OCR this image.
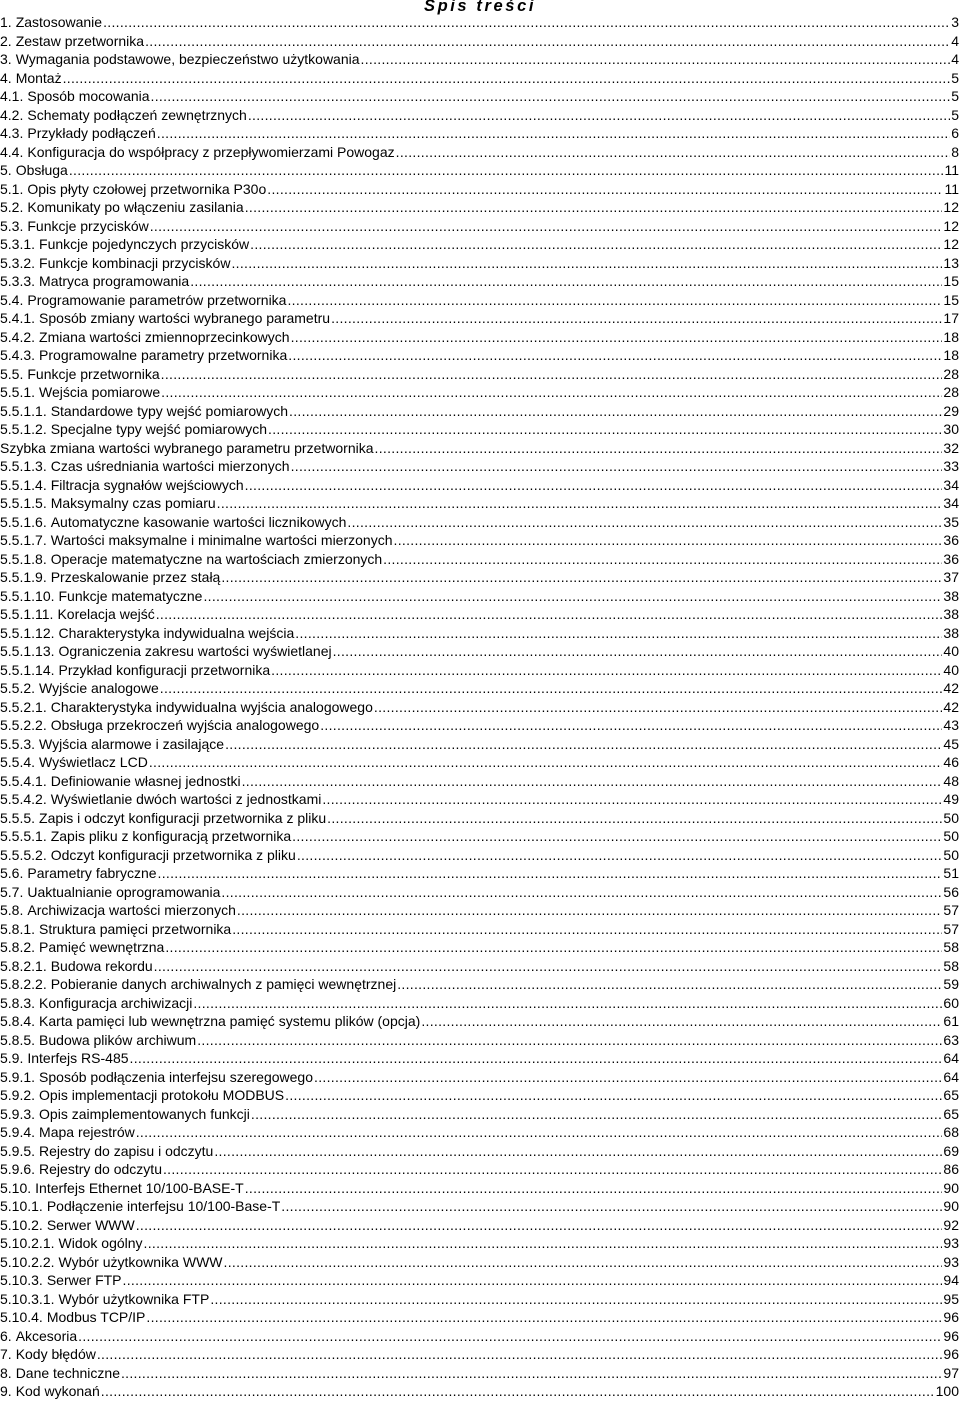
Spis treści
1. Zastosowanie .....	3
2. Zestaw przetwornika .....	4
3. Wymagania podstawowe, bezpieczeństwo użytkowania .....	4
4. Montaż .....	5
4.1. Sposób mocowania .....	5
4.2. Schematy podłączeń zewnętrznych .....	5
4.3. Przykłady podłączeń .....	6
4.4. Konfiguracja do współpracy z przepływomierzami Powogaz .....	8
5. Obsługa .....	11
5.1. Opis płyty czołowej przetwornika P30o .....	11
5.2. Komunikaty po włączeniu zasilania .....	12
5.3. Funkcje przycisków .....	12
5.3.1. Funkcje pojedynczych przycisków .....	12
5.3.2. Funkcje kombinacji przycisków .....	13
5.3.3. Matryca programowania .....	15
5.4. Programowanie parametrów przetwornika .....	15
5.4.1. Sposób zmiany wartości wybranego parametru .....	17
5.4.2. Zmiana wartości zmiennoprzecinkowych .....	18
5.4.3. Programowalne parametry przetwornika .....	18
5.5. Funkcje przetwornika .....	28
5.5.1. Wejścia pomiarowe .....	28
5.5.1.1. Standardowe typy wejść pomiarowych .....	29
5.5.1.2. Specjalne typy wejść pomiarowych .....	30
Szybka zmiana wartości wybranego parametru przetwornika .....	32
5.5.1.3. Czas uśredniania wartości mierzonych .....	33
5.5.1.4. Filtracja sygnałów wejściowych .....	34
5.5.1.5. Maksymalny czas pomiaru .....	34
5.5.1.6. Automatyczne kasowanie wartości licznikowych .....	35
5.5.1.7. Wartości maksymalne i minimalne wartości mierzonych .....	36
5.5.1.8. Operacje matematyczne na wartościach zmierzonych .....	36
5.5.1.9. Przeskalowanie przez stałą .....	37
5.5.1.10. Funkcje matematyczne .....	38
5.5.1.11. Korelacja wejść .....	38
5.5.1.12. Charakterystyka indywidualna wejścia .....	38
5.5.1.13. Ograniczenia zakresu wartości wyświetlanej .....	40
5.5.1.14. Przykład konfiguracji przetwornika .....	40
5.5.2. Wyjście analogowe .....	42
5.5.2.1. Charakterystyka indywidualna wyjścia analogowego .....	42
5.5.2.2. Obsługa przekroczeń wyjścia analogowego .....	43
5.5.3. Wyjścia alarmowe i zasilające .....	45
5.5.4. Wyświetlacz LCD .....	46
5.5.4.1. Definiowanie własnej jednostki .....	48
5.5.4.2. Wyświetlanie dwóch wartości z jednostkami .....	49
5.5.5. Zapis i odczyt konfiguracji przetwornika z pliku .....	50
5.5.5.1. Zapis pliku z konfiguracją przetwornika .....	50
5.5.5.2. Odczyt konfiguracji przetwornika z pliku .....	50
5.6. Parametry fabryczne .....	51
5.7. Uaktualnianie oprogramowania .....	56
5.8. Archiwizacja wartości mierzonych .....	57
5.8.1. Struktura pamięci przetwornika .....	57
5.8.2. Pamięć wewnętrzna .....	58
5.8.2.1. Budowa rekordu .....	58
5.8.2.2. Pobieranie danych archiwalnych z pamięci wewnętrznej .....	59
5.8.3. Konfiguracja archiwizacji .....	60
5.8.4. Karta pamięci lub wewnętrzna pamięć systemu plików (opcja) .....	61
5.8.5. Budowa plików archiwum .....	63
5.9. Interfejs RS-485 .....	64
5.9.1. Sposób podłączenia interfejsu szeregowego .....	64
5.9.2. Opis implementacji protokołu MODBUS .....	65
5.9.3. Opis zaimplementowanych funkcji .....	65
5.9.4. Mapa rejestrów .....	68
5.9.5. Rejestry do zapisu i odczytu .....	69
5.9.6. Rejestry do odczytu .....	86
5.10. Interfejs Ethernet 10/100-BASE-T .....	90
5.10.1. Podłączenie interfejsu 10/100-Base-T .....	90
5.10.2. Serwer WWW .....	92
5.10.2.1. Widok ogólny .....	93
5.10.2.2. Wybór użytkownika WWW .....	93
5.10.3. Serwer FTP .....	94
5.10.3.1. Wybór użytkownika FTP .....	95
5.10.4. Modbus TCP/IP .....	96
6. Akcesoria .....	96
7. Kody błędów .....	96
8. Dane techniczne .....	97
9. Kod wykonań .....	100
